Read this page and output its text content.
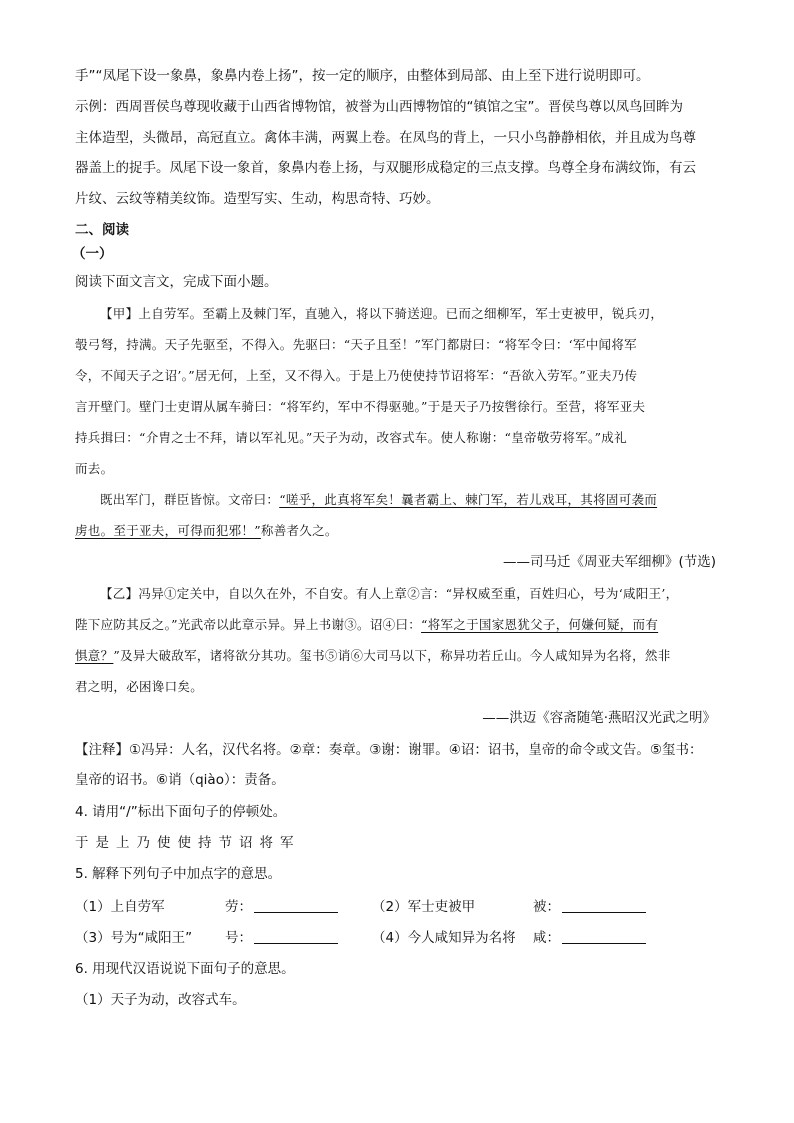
手”“凤尾下设一象鼻，象鼻内卷上扬”，按一定的顺序，由整体到局部、由上至下进行说明即可。
示例：西周晋侯鸟尊现收藏于山西省博物馆，被誉为山西博物馆的“镇馆之宝”。晋侯鸟尊以凤鸟回眸为
主体造型，头微昂，高冠直立。禽体丰满，两翼上卷。在凤鸟的背上，一只小鸟静静相依，并且成为鸟尊
器盖上的捉手。凤尾下设一象首，象鼻内卷上扬，与双腿形成稳定的三点支撑。鸟尊全身布满纹饰，有云
片纹、云纹等精美纹饰。造型写实、生动，构思奇特、巧妙。
二、阅读
（一）
阅读下面文言文，完成下面小题。
【甲】上自劳军。至霸上及棘门军，直驰入，将以下骑送迎。已而之细柳军，军士吏被甲，锐兵刃，
彀弓弩，持满。天子先驱至，不得入。先驱曰：“天子且至！”军门都尉曰：“将军令曰：‘军中闻将军
令，不闻天子之诏’。”居无何，上至，又不得入。于是上乃使使持节诏将军：“吾欲入劳军。”亚夫乃传
言开壁门。壁门士吏谓从属车骑曰：“将军约，军中不得驱驰。”于是天子乃按辔徐行。至营，将军亚夫
持兵揖曰：“介胄之士不拜，请以军礼见。”天子为动，改容式车。使人称谢：“皇帝敬劳将军。”成礼
而去。
既出军门，群臣皆惊。文帝曰：“嗟乎，此真将军矣！曩者霸上、棘门军，若儿戏耳，其将固可袭而
虏也。至于亚夫，可得而犯邪！”称善者久之。
——司马迁《周亚夫军细柳》(节选)
【乙】冯异①定关中，自以久在外，不自安。有人上章②言：“异权威至重，百姓归心，号为‘咸阳王’，
陛下应防其反之。”光武帝以此章示异。异上书谢③。诏④曰：“将军之于国家恩犹父子，何嫌何疑，而有
惧意？”及异大破敌军，诸将欲分其功。玺书⑤诮⑥大司马以下，称异功若丘山。今人咸知异为名将，然非
君之明，必困谗口矣。
——洪迈《容斋随笔·燕昭汉光武之明》
【注释】①冯异：人名，汉代名将。②章：奏章。③谢：谢罪。④诏：诏书，皇帝的命令或文告。⑤玺书：
皇帝的诏书。⑥诮（qiào）：责备。
4. 请用“/”标出下面句子的停顿处。
于是上乃使使持节诏将军
5. 解释下列句子中加点字的意思。
（1）上自劳军	劳：	（2）军士吏被甲	被：
（3）号为“咸阳王” 号：	（4）今人咸知异为名将 咸：
6. 用现代汉语说说下面句子的意思。
（1）天子为动，改容式车。
